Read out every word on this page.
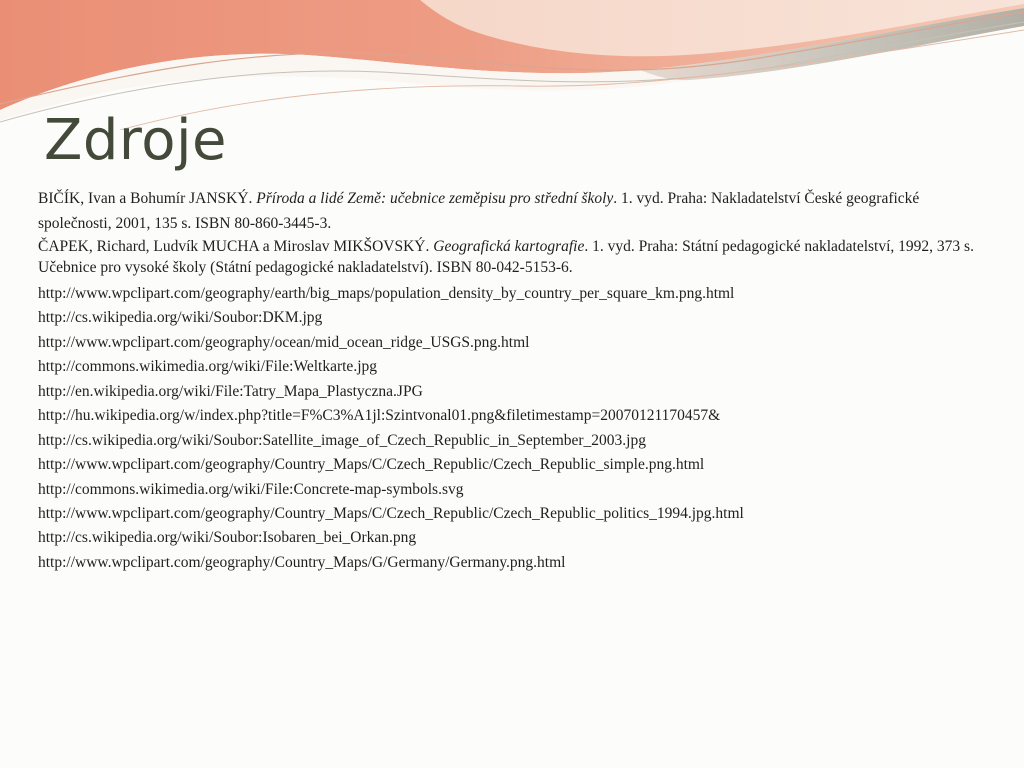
Zdroje
BIČÍK, Ivan a Bohumír JANSKÝ. Příroda a lidé Země: učebnice zeměpisu pro střední školy. 1. vyd. Praha: Nakladatelství České geografické společnosti, 2001, 135 s. ISBN 80-860-3445-3.
ČAPEK, Richard, Ludvík MUCHA a Miroslav MIKŠOVSKÝ. Geografická kartografie. 1. vyd. Praha: Státní pedagogické nakladatelství, 1992, 373 s. Učebnice pro vysoké školy (Státní pedagogické nakladatelství). ISBN 80-042-5153-6.
http://www.wpclipart.com/geography/earth/big_maps/population_density_by_country_per_square_km.png.html
http://cs.wikipedia.org/wiki/Soubor:DKM.jpg
http://www.wpclipart.com/geography/ocean/mid_ocean_ridge_USGS.png.html
http://commons.wikimedia.org/wiki/File:Weltkarte.jpg
http://en.wikipedia.org/wiki/File:Tatry_Mapa_Plastyczna.JPG
http://hu.wikipedia.org/w/index.php?title=F%C3%A1jl:Szintvonal01.png&filetimestamp=20070121170457&
http://cs.wikipedia.org/wiki/Soubor:Satellite_image_of_Czech_Republic_in_September_2003.jpg
http://www.wpclipart.com/geography/Country_Maps/C/Czech_Republic/Czech_Republic_simple.png.html
http://commons.wikimedia.org/wiki/File:Concrete-map-symbols.svg
http://www.wpclipart.com/geography/Country_Maps/C/Czech_Republic/Czech_Republic_politics_1994.jpg.html
http://cs.wikipedia.org/wiki/Soubor:Isobaren_bei_Orkan.png
http://www.wpclipart.com/geography/Country_Maps/G/Germany/Germany.png.html
